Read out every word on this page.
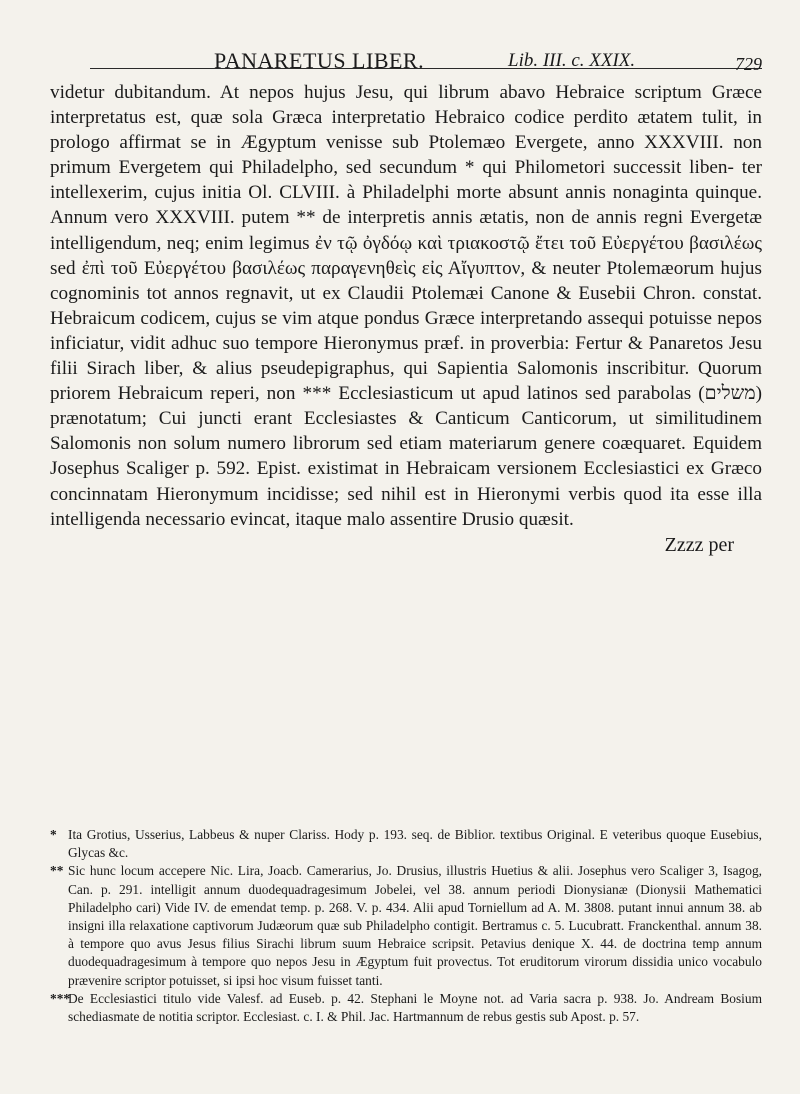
PANARETUS LIBER.	Lib. III. c. XXIX.	729

videtur dubitandum. At nepos hujus Jesu, qui librum abavo Hebraice scriptum Græce interpretatus est, quæ sola Græca interpretatio Hebraico codice perdito ætatem tulit, in prologo affirmat se in Ægyptum venisse sub Ptolemæo Evergete, anno XXXVIII. non primum Evergetem qui Philadelpho, sed secundum * qui Philometori successit liben- ter intellexerim, cujus initia Ol. CLVIII. à Philadelphi morte absunt annis nonaginta quinque. Annum vero XXXVIII. putem ** de interpretis annis ætatis, non de annis regni Evergetæ intelligendum, neq; enim legimus ἐν τῷ ὀγδόῳ καὶ τριακοστῷ ἔτει τοῦ Εὐεργέτου βασιλέως sed ἐπὶ τοῦ Εὐεργέτου βασιλέως παραγενηθεὶς εἰς Αἴγυπτον, & neuter Ptolemæorum hujus cognominis tot annos regnavit, ut ex Claudii Ptolemæi Canone & Eusebii Chron. constat. Hebraicum codicem, cujus se vim atque pondus Græce interpretando assequi potuisse nepos inficiatur, vidit adhuc suo tempore Hieronymus præf. in proverbia: Fertur & Panaretos Jesu filii Sirach liber, & alius pseudepigraphus, qui Sapientia Salomonis inscribitur. Quorum priorem Hebraicum reperi, non *** Ecclesiasticum ut apud latinos sed parabolas (משלים) prænotatum; Cui juncti erant Ecclesiastes & Canticum Canticorum, ut similitudinem Salomonis non solum numero librorum sed etiam materiarum genere coæquaret. Equidem Josephus Scaliger p. 592. Epist. existimat in Hebraicam versionem Ecclesiastici ex Græco concinnatam Hieronymum incidisse; sed nihil est in Hieronymi verbis quod ita esse illa intelligenda necessario evincat, itaque malo assentire Drusio quæsit.

Zzzz per
* Ita Grotius, Usserius, Labbeus & nuper Clariss. Hody p. 193. seq. de Biblior. textibus Original. E veteribus quoque Eusebius, Glycas &c.
** Sic hunc locum accepere Nic. Lira, Joacb. Camerarius, Jo. Drusius, illustris Huetius & alii. Josephus vero Scaliger 3, Isagog, Can. p. 291. intelligit annum duodequadragesimum Jobelei, vel 38. annum periodi Dionysianæ (Dionysii Mathematici Philadelpho cari) Vide IV. de emendat temp. p. 268. V. p. 434. Alii apud Torniellum ad A. M. 3808. putant innui annum 38. ab insigni illa relaxatione captivorum Judæorum quæ sub Philadelpho contigit. Bertramus c. 5. Lucubratt. Franckenthal. annum 38. à tempore quo avus Jesus filius Sirachi librum suum Hebraice scripsit. Petavius denique X. 44. de doctrina temp annum duodequadragesimum à tempore quo nepos Jesu in Ægyptum fuit provectus. Tot eruditorum virorum dissidia unico vocabulo prævenire scriptor potuisset, si ipsi hoc visum fuisset tanti.
***De Ecclesiastici titulo vide Valesf. ad Euseb. p. 42. Stephani le Moyne not. ad Varia sacra p. 938. Jo. Andream Bosium schediasmate de notitia scriptor. Ecclesiast. c. I. & Phil. Jac. Hartmannum de rebus gestis sub Apost. p. 57.
